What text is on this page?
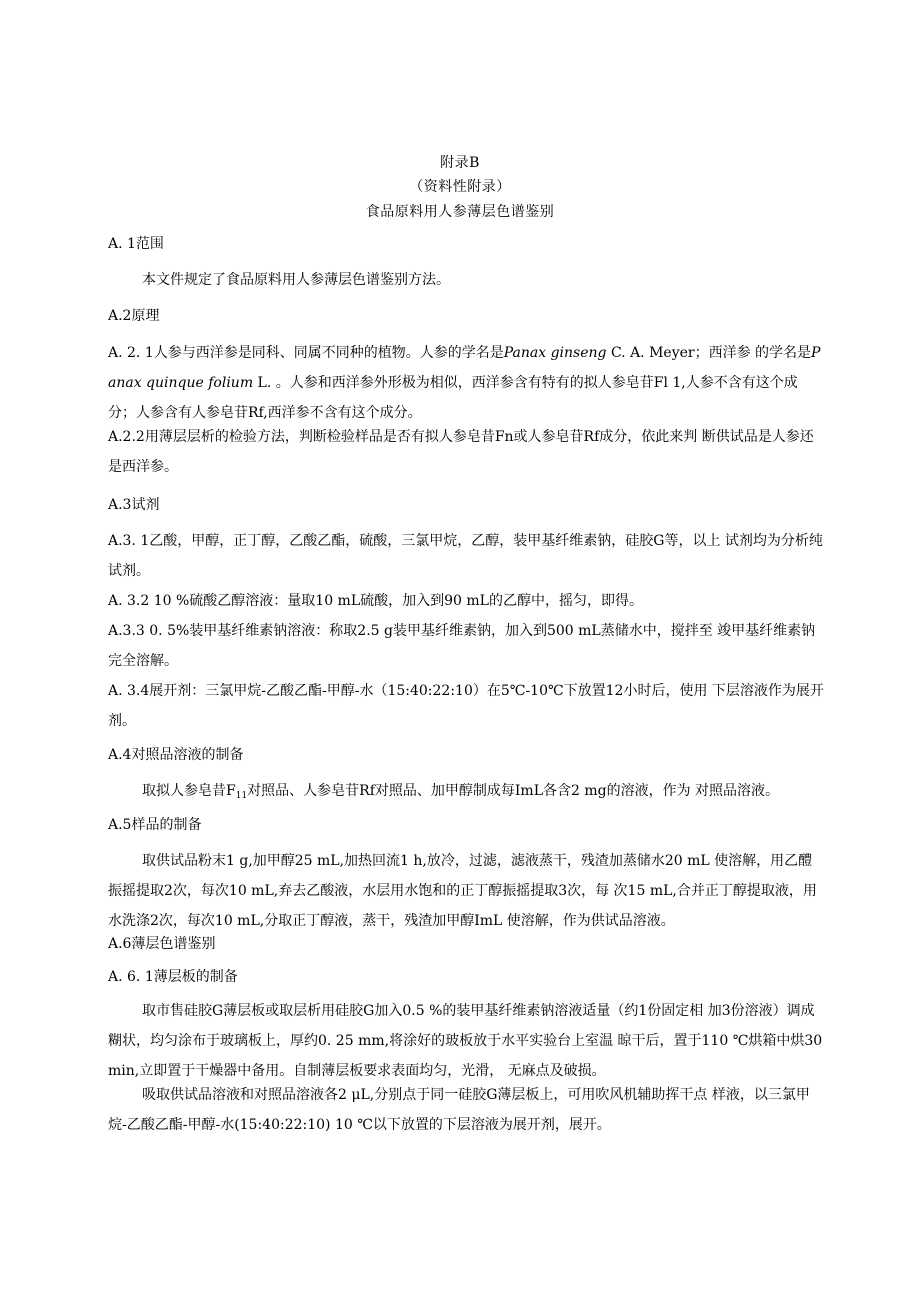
附录B
（资料性附录）
食品原料用人参薄层色谱鉴别
A. 1范围
本文件规定了食品原料用人参薄层色谱鉴别方法。
A.2原理
A. 2. 1人参与西洋参是同科、同属不同种的植物。人参的学名是Panax ginseng C. A. Meyer；西洋参 的学名是Panax quinque folium L. 。人参和西洋参外形极为相似，西洋参含有特有的拟人参皂苷Fl 1,人参不含有这个成分；人参含有人参皂苷Rf,西洋参不含有这个成分。
A.2.2用薄层层析的检验方法，判断检验样品是否有拟人参皂昔Fn或人参皂苷Rf成分，依此来判 断供试品是人参还是西洋参。
A.3试剂
A.3. 1乙酸，甲醇，正丁醇，乙酸乙酯，硫酸，三氯甲烷，乙醇，装甲基纤维素钠，硅胶G等，以上 试剂均为分析纯试剂。
A. 3.2 10 %硫酸乙醇溶液：量取10 mL硫酸，加入到90 mL的乙醇中，摇匀，即得。
A.3.3 0. 5%装甲基纤维素钠溶液：称取2.5 g装甲基纤维素钠，加入到500 mL蒸储水中，搅拌至 竣甲基纤维素钠完全溶解。
A. 3.4展开剂：三氯甲烷-乙酸乙酯-甲醇-水（15:40:22:10）在5℃-10℃下放置12小时后，使用 下层溶液作为展开剂。
A.4对照品溶液的制备
取拟人参皂昔$F_{11}$对照品、人参皂苷Rf对照品、加甲醇制成每ImL各含2 mg的溶液，作为 对照品溶液。
A.5样品的制备
取供试品粉末1 g,加甲醇25 mL,加热回流1 h,放冷，过滤，滤液蒸干，残渣加蒸储水20 mL 使溶解，用乙醴振摇提取2次，每次10 mL,弃去乙酸液，水层用水饱和的正丁醇振摇提取3次，每 次15 mL,合并正丁醇提取液，用水洗涤2次，每次10 mL,分取正丁醇液，蒸干，残渣加甲醇ImL 使溶解，作为供试品溶液。
A.6薄层色谱鉴别
A. 6. 1薄层板的制备
取市售硅胶G薄层板或取层析用硅胶G加入0.5 %的装甲基纤维素钠溶液适量（约1份固定相 加3份溶液）调成糊状，均匀涂布于玻璃板上，厚约0. 25 mm,将涂好的玻板放于水平实验台上室温 晾干后，置于110 ℃烘箱中烘30 min,立即置于干燥器中备用。自制薄层板要求表面均匀，光滑， 无麻点及破损。
吸取供试品溶液和对照品溶液各2 μL,分别点于同一硅胶G薄层板上，可用吹风机辅助挥干点 样液，以三氯甲烷-乙酸乙酯-甲醇-水(15:40:22:10) 10 ℃以下放置的下层溶液为展开剂，展开。
